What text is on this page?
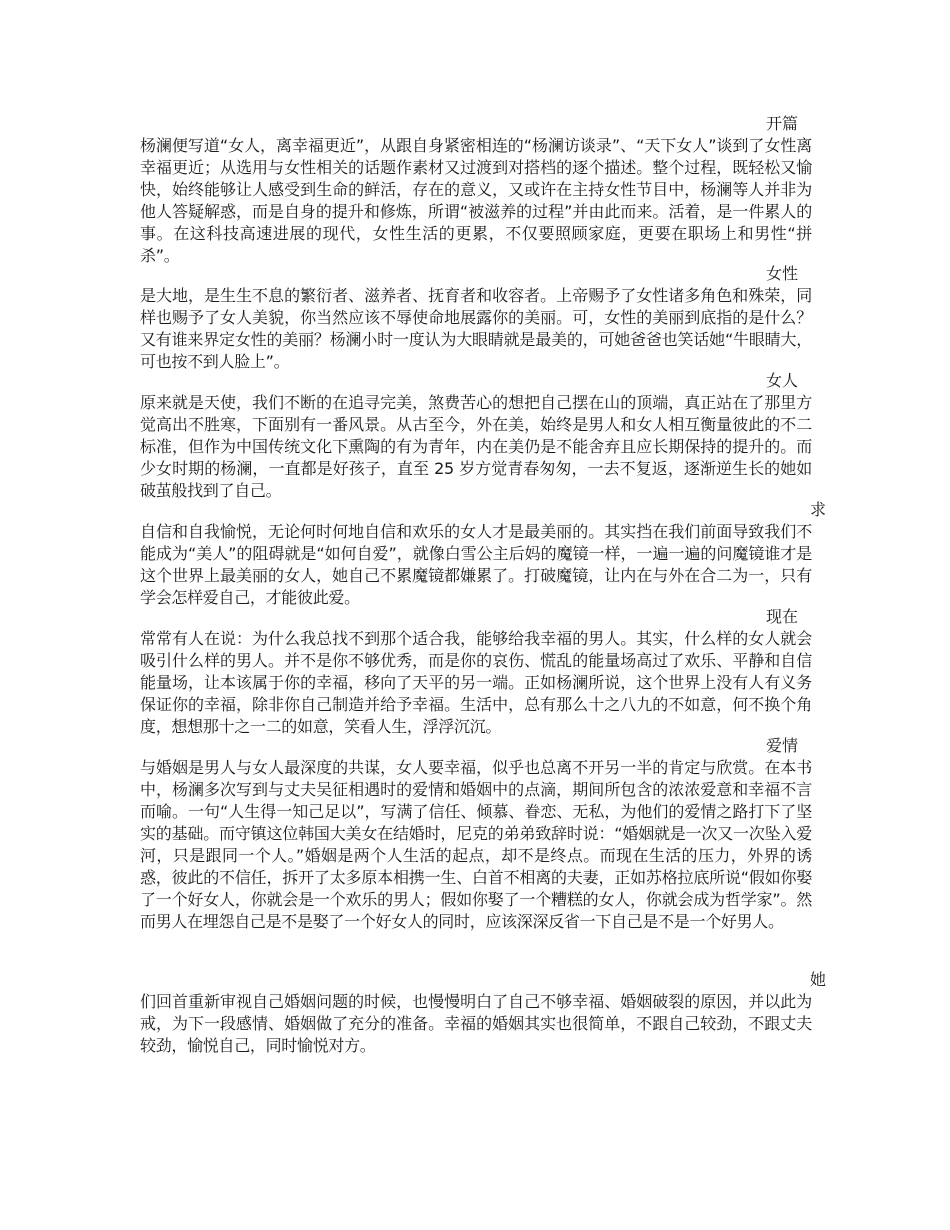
开篇

杨澜便写道“女人，离幸福更近”，从跟自身紧密相连的“杨澜访谈录”、“天下女人”谈到了女性离幸福更近；从选用与女性相关的话题作素材又过渡到对搭档的逐个描述。整个过程，既轻松又愉快，始终能够让人感受到生命的鲜活，存在的意义，又或许在主持女性节目中，杨澜等人并非为他人答疑解惑，而是自身的提升和修炼，所谓“被滋养的过程”并由此而来。活着，是一件累人的事。在这科技高速进展的现代，女性生活的更累，不仅要照顾家庭，更要在职场上和男性“拼杀”。

女性

是大地，是生生不息的繁衍者、滋养者、抚育者和收容者。上帝赐予了女性诸多角色和殊荣，同样也赐予了女人美貌，你当然应该不辱使命地展露你的美丽。可，女性的美丽到底指的是什么？又有谁来界定女性的美丽？杨澜小时一度认为大眼睛就是最美的，可她爸爸也笑话她“牛眼睛大，可也按不到人脸上”。

女人

原来就是天使，我们不断的在追寻完美，煞费苦心的想把自己摆在山的顶端，真正站在了那里方觉高出不胜寒，下面别有一番风景。从古至今，外在美，始终是男人和女人相互衡量彼此的不二标准，但作为中国传统文化下熏陶的有为青年，内在美仍是不能舍弃且应长期保持的提升的。而少女时期的杨澜，一直都是好孩子，直至 25 岁方觉青春匆匆，一去不复返，逐渐逆生长的她如破茧般找到了自己。

求

自信和自我愉悦，无论何时何地自信和欢乐的女人才是最美丽的。其实挡在我们前面导致我们不能成为“美人”的阻碍就是“如何自爱”，就像白雪公主后妈的魔镜一样，一遍一遍的问魔镜谁才是这个世界上最美丽的女人，她自己不累魔镜都嫌累了。打破魔镜，让内在与外在合二为一，只有学会怎样爱自己，才能彼此爱。

现在

常常有人在说：为什么我总找不到那个适合我，能够给我幸福的男人。其实，什么样的女人就会吸引什么样的男人。并不是你不够优秀，而是你的哀伤、慌乱的能量场高过了欢乐、平静和自信能量场，让本该属于你的幸福，移向了天平的另一端。正如杨澜所说，这个世界上没有人有义务保证你的幸福，除非你自己制造并给予幸福。生活中，总有那么十之八九的不如意，何不换个角度，想想那十之一二的如意，笑看人生，浮浮沉沉。

爱情

与婚姻是男人与女人最深度的共谋，女人要幸福，似乎也总离不开另一半的肯定与欣赏。在本书中，杨澜多次写到与丈夫吴征相遇时的爱情和婚姻中的点滴，期间所包含的浓浓爱意和幸福不言而喻。一句“人生得一知己足以”，写满了信任、倾慕、眷恋、无私，为他们的爱情之路打下了坚实的基础。而守镇这位韩国大美女在结婚时，尼克的弟弟致辞时说：“婚姻就是一次又一次坠入爱河，只是跟同一个人。”婚姻是两个人生活的起点，却不是终点。而现在生活的压力，外界的诱惑，彼此的不信任，拆开了太多原本相携一生、白首不相离的夫妻，正如苏格拉底所说“假如你娶了一个好女人，你就会是一个欢乐的男人；假如你娶了一个糟糕的女人，你就会成为哲学家”。然而男人在埋怨自己是不是娶了一个好女人的同时，应该深深反省一下自己是不是一个好男人。

她

们回首重新审视自己婚姻问题的时候，也慢慢明白了自己不够幸福、婚姻破裂的原因，并以此为戒，为下一段感情、婚姻做了充分的准备。幸福的婚姻其实也很简单，不跟自己较劲，不跟丈夫较劲，愉悦自己，同时愉悦对方。
